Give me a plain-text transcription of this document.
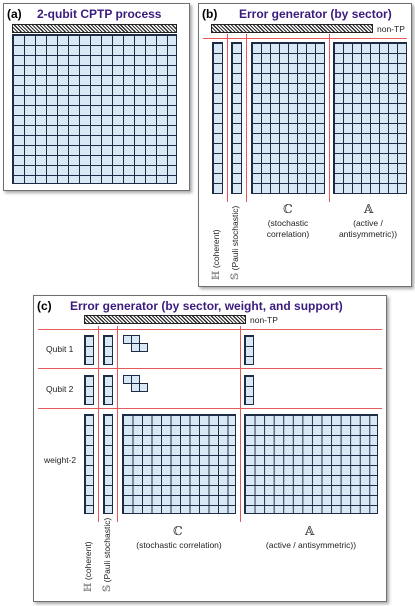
(a) 2-qubit CPTP process	(b) Error generator (by sector)
non-TP
ℍ (coherent)
𝕊 (Pauli stochastic)	ℂ
(stochastic
correlation)
𝔸
(active /
antisymmetric))
(c) Error generator (by sector, weight, and support)
non-TP
Qubit 1
Qubit 2
weight-2
ℍ (coherent)
𝕊 (Pauli stochastic)	ℂ
(stochastic correlation)
𝔸
(active / antisymmetric))
